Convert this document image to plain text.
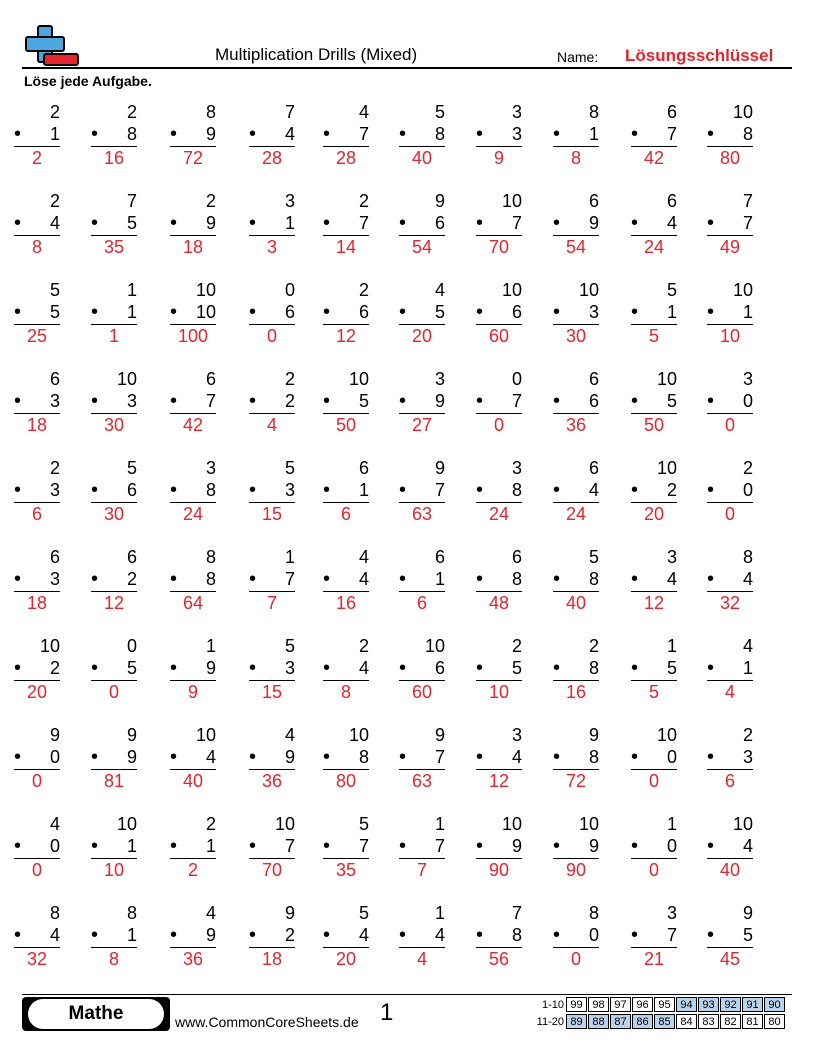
Multiplication Drills (Mixed)	Name: Lösungsschlüssel
Löse jede Aufgabe.
2
• 1
2
2
• 8
16
8
• 9
72
7
• 4
28
4
• 7
28
5
• 8
40
3
• 3
9
8
• 1
8
6
• 7
42
10
• 8
80
2
• 4
8
7
• 5
35
2
• 9
18
3
• 1
3
2
• 7
14
9
• 6
54
10
• 7
70
6
• 9
54
6
• 4
24
7
• 7
49
5
• 5
25
1
• 1
1
10
• 10
100
0
• 6
0
2
• 6
12
4
• 5
20
10
• 6
60
10
• 3
30
5
• 1
5
10
• 1
10
6
• 3
18
10
• 3
30
6
• 7
42
2
• 2
4
10
• 5
50
3
• 9
27
0
• 7
0
6
• 6
36
10
• 5
50
3
• 0
0
2
• 3
6
5
• 6
30
3
• 8
24
5
• 3
15
6
• 1
6
9
• 7
63
3
• 8
24
6
• 4
24
10
• 2
20
2
• 0
0
6
• 3
18
6
• 2
12
8
• 8
64
1
• 7
7
4
• 4
16
6
• 1
6
6
• 8
48
5
• 8
40
3
• 4
12
8
• 4
32
10
• 2
20
0
• 5
0
1
• 9
9
5
• 3
15
2
• 4
8
10
• 6
60
2
• 5
10
2
• 8
16
1
• 5
5
4
• 1
4
9
• 0
0
9
• 9
81
10
• 4
40
4
• 9
36
10
• 8
80
9
• 7
63
3
• 4
12
9
• 8
72
10
• 0
0
2
• 3
6
4
• 0
0
10
• 1
10
2
• 1
2
10
• 7
70
5
• 7
35
1
• 7
7
10
• 9
90
10
• 9
90
1
• 0
0
10
• 4
40
8
• 4
32
8
• 1
8
4
• 9
36
9
• 2
18
5
• 4
20
1
• 4
4
7
• 8
56
8
• 0
0
3
• 7
21
9
• 5
45
Mathe	www.CommonCoreSheets.de 1	1-10 99 98 97 96 95 94 93 92 91 90
11-20 89 88 87 86 85 84 83 82 81 80
